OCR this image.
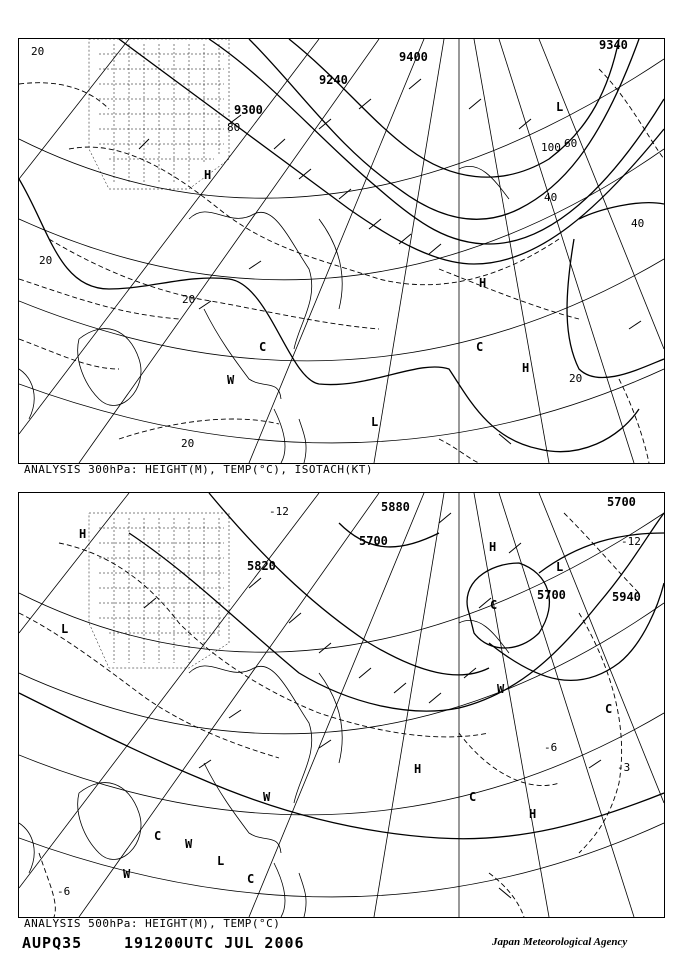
9300
9240
9400
9340
20
20
20
20
20
40
40
60
80
100
H
H
H
L
L
C	C
W
ANALYSIS 300hPa: HEIGHT(M), TEMP(°C), ISOTACH(KT)
5820
5700
5700
5700
5880
5940
-12
-12
-6
-6
-3
H
H
H
H
L
L
L
C
C
C
C
C
W
W
W
W
ANALYSIS 500hPa: HEIGHT(M), TEMP(°C)
AUPQ35	191200UTC JUL 2006	Japan Meteorological Agency
